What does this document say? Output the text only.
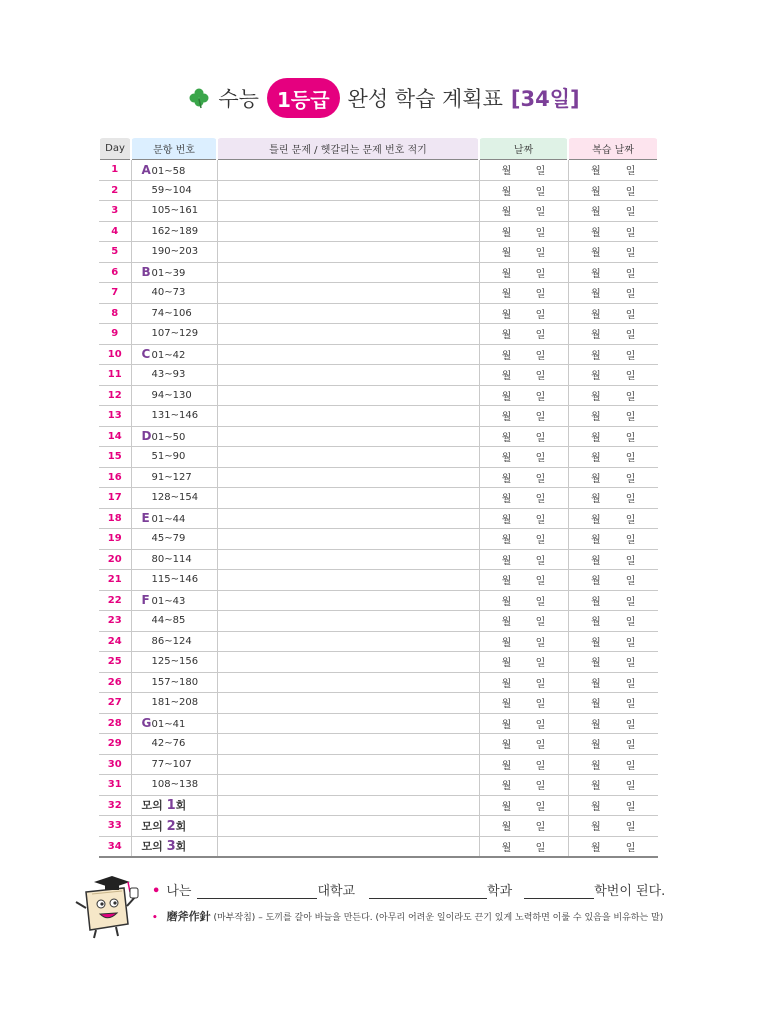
수능 1등급 완성 학습 계획표 [34일]
Day	문항 번호	틀린 문제 / 헷갈리는 문제 번호 적기	날짜	복습 날짜
1	A01~58		월 일	월 일

2	59~104		월 일	월 일

3	105~161		월 일	월 일

4	162~189		월 일	월 일

5	190~203		월 일	월 일

6	B01~39		월 일	월 일

7	40~73		월 일	월 일

8	74~106		월 일	월 일

9	107~129		월 일	월 일

10	C01~42		월 일	월 일

11	43~93		월 일	월 일

12	94~130		월 일	월 일

13	131~146		월 일	월 일

14	D01~50		월 일	월 일

15	51~90		월 일	월 일

16	91~127		월 일	월 일

17	128~154		월 일	월 일

18	E 01~44		월 일	월 일

19	45~79		월 일	월 일

20	80~114		월 일	월 일

21	115~146		월 일	월 일

22	F 01~43		월 일	월 일

23	44~85		월 일	월 일

24	86~124		월 일	월 일

25	125~156		월 일	월 일

26	157~180		월 일	월 일

27	181~208		월 일	월 일

28	G01~41		월 일	월 일

29	42~76		월 일	월 일

30	77~107		월 일	월 일

31	108~138		월 일	월 일

32	모의 1회		월 일	월 일

33	모의 2회		월 일	월 일

34	모의 3회		월 일	월 일
• 나는	대학교	학과	학번이 된다.
• 磨斧作針 (마부작침) – 도끼를 갈아 바늘을 만든다. (아무리 어려운 일이라도 끈기 있게 노력하면 이룰 수 있음을 비유하는 말)
